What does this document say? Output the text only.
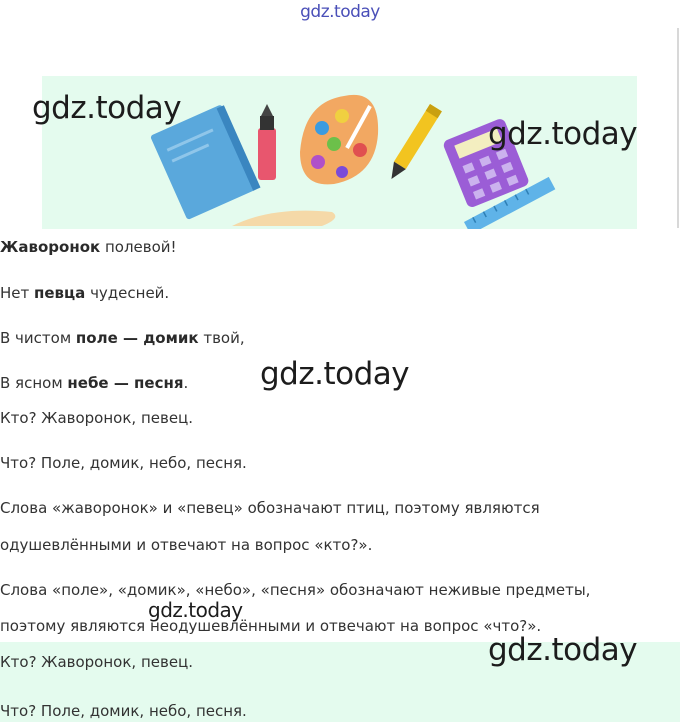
gdz.today
gdz.today
gdz.today
gdz.today
gdz.today
Жаворонок полевой!
Нет певца чудесней.
В чистом поле — домик твой,
В ясном небе — песня.
Кто? Жаворонок, певец.
Что? Поле, домик, небо, песня.
Слова «жаворонок» и «певец» обозначают птиц, поэтому являются
одушевлёнными и отвечают на вопрос «кто?».
Слова «поле», «домик», «небо», «песня» обозначают неживые предметы,
поэтому являются неодушевлёнными и отвечают на вопрос «что?».
Кто? Жаворонок, певец.
Что? Поле, домик, небо, песня.
gdz.today
